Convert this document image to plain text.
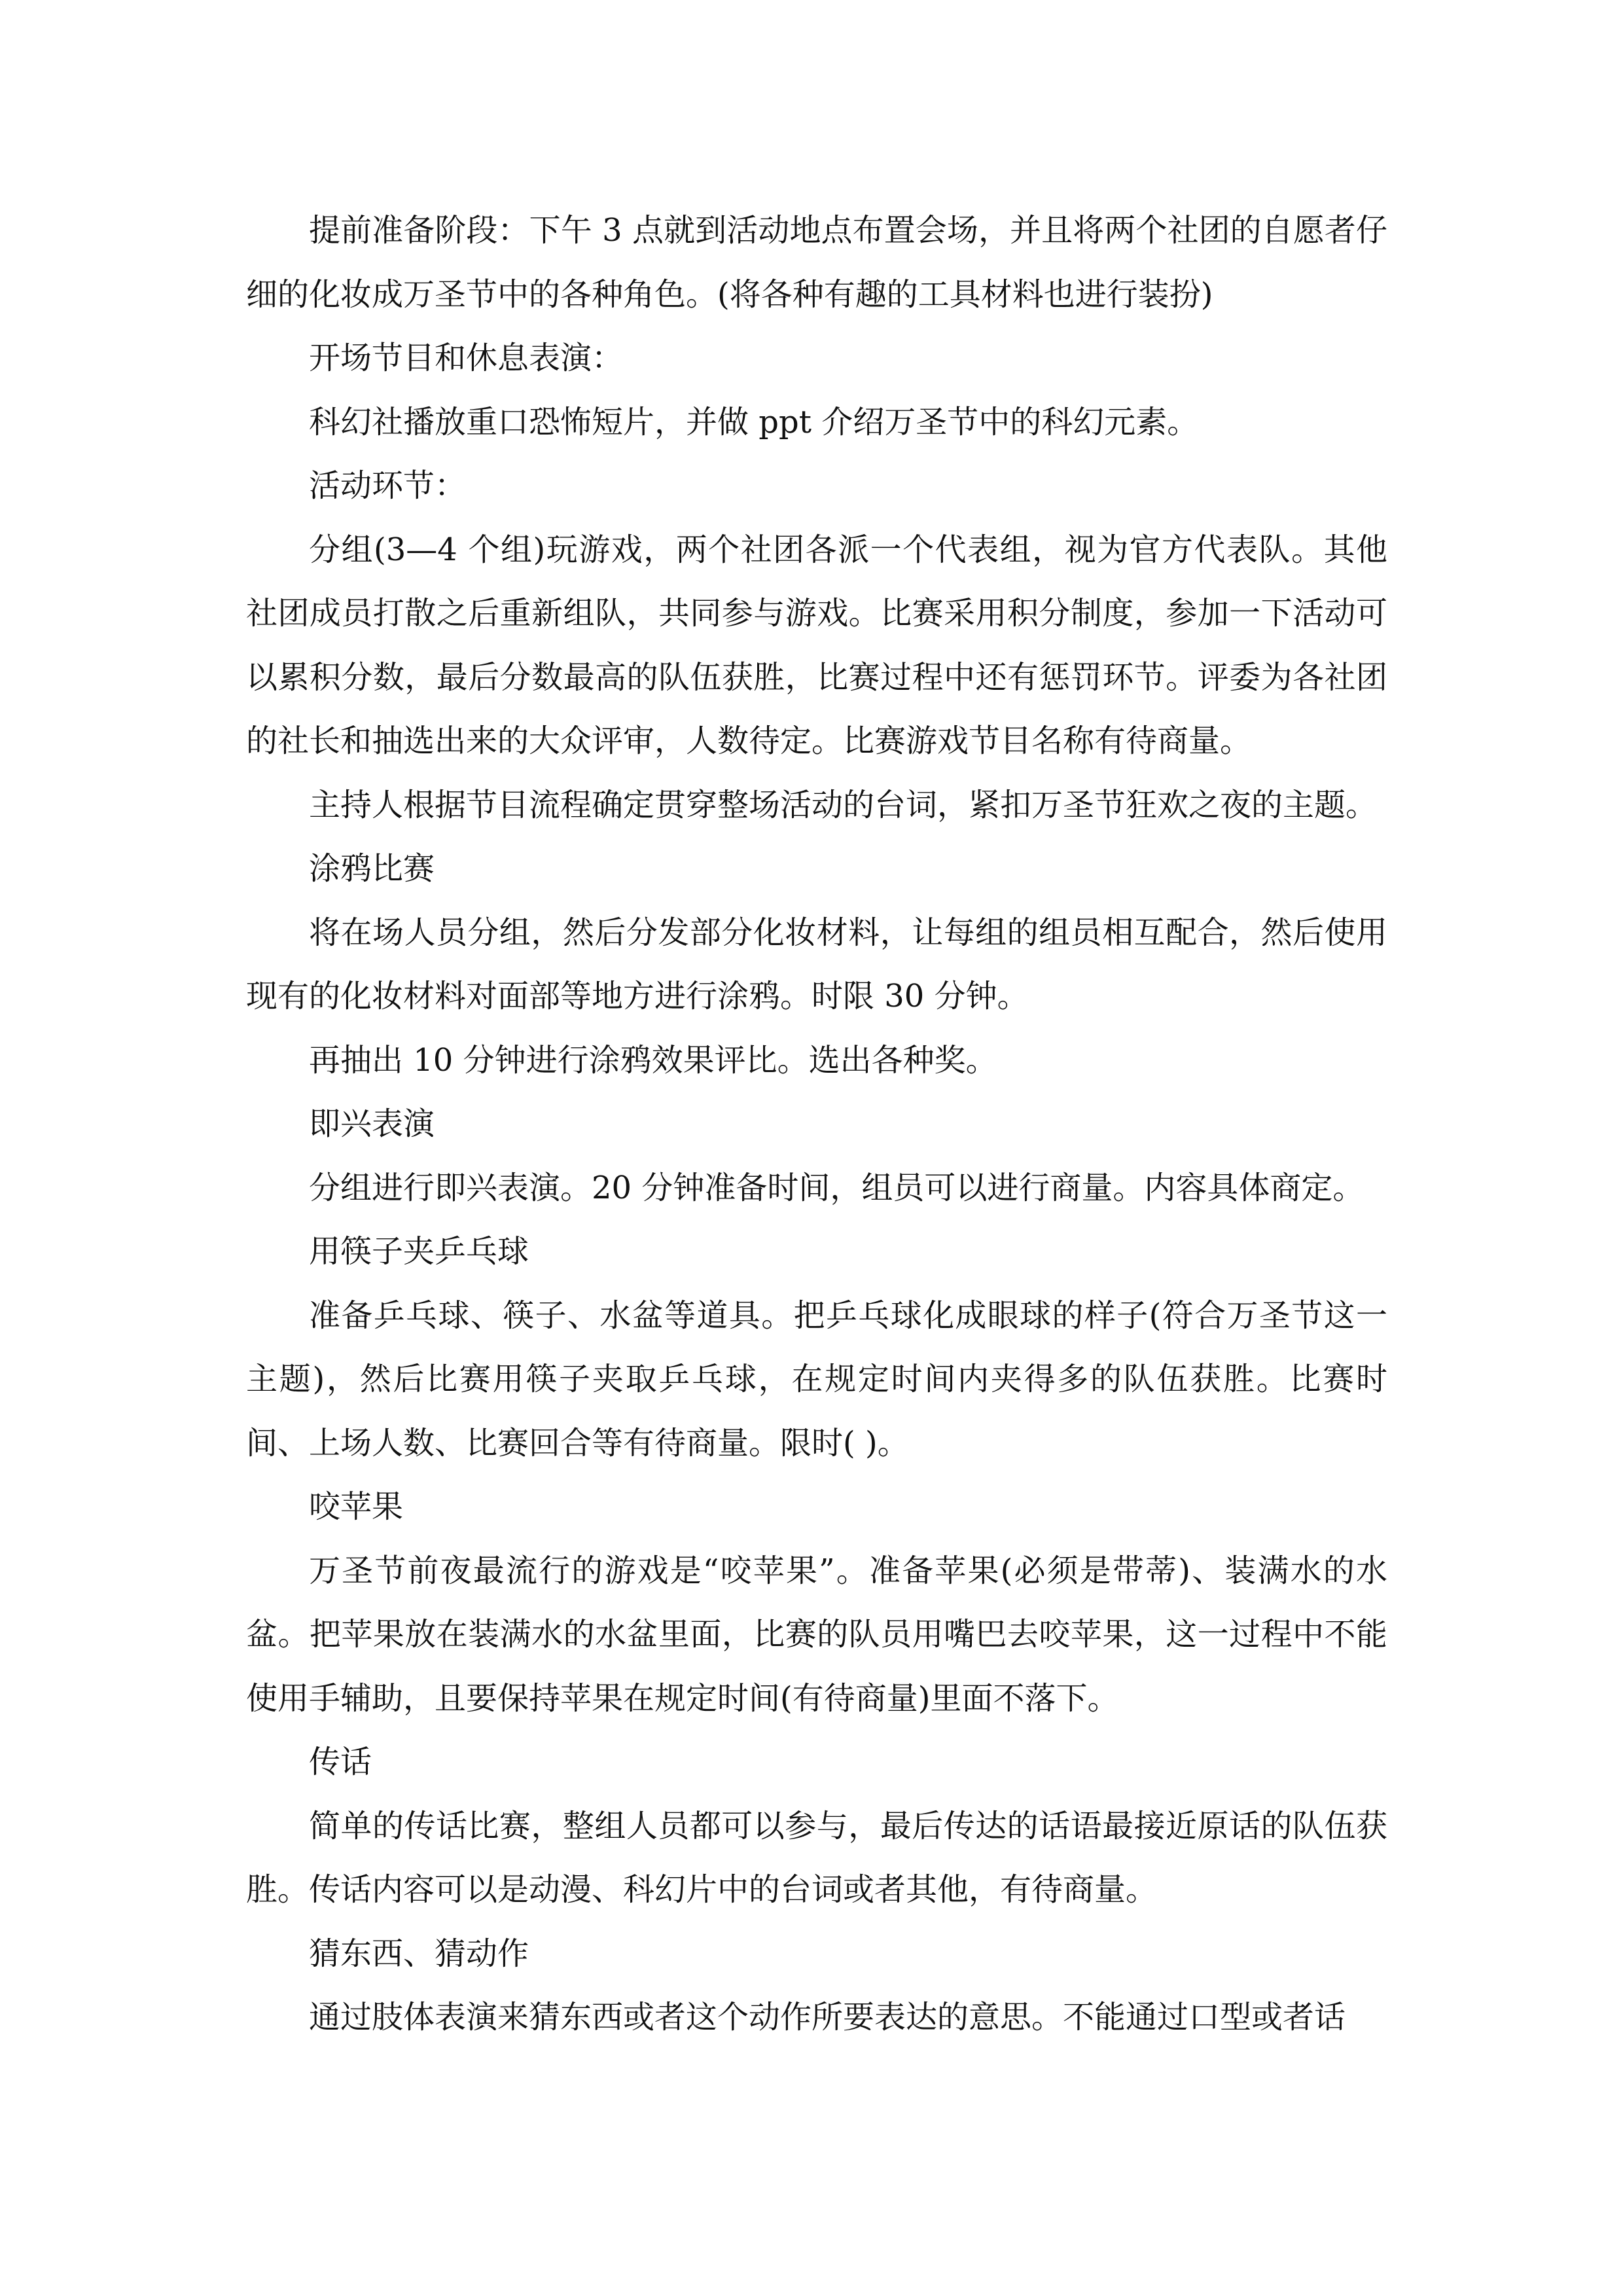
提前准备阶段：下午 3 点就到活动地点布置会场，并且将两个社团的自愿者仔细的化妆成万圣节中的各种角色。(将各种有趣的工具材料也进行装扮)

开场节目和休息表演：

科幻社播放重口恐怖短片，并做 ppt 介绍万圣节中的科幻元素。

活动环节：

分组(3—4 个组)玩游戏，两个社团各派一个代表组，视为官方代表队。其他社团成员打散之后重新组队，共同参与游戏。比赛采用积分制度，参加一下活动可以累积分数，最后分数最高的队伍获胜，比赛过程中还有惩罚环节。评委为各社团的社长和抽选出来的大众评审，人数待定。比赛游戏节目名称有待商量。

主持人根据节目流程确定贯穿整场活动的台词，紧扣万圣节狂欢之夜的主题。

涂鸦比赛

将在场人员分组，然后分发部分化妆材料，让每组的组员相互配合，然后使用现有的化妆材料对面部等地方进行涂鸦。时限 30 分钟。

再抽出 10 分钟进行涂鸦效果评比。选出各种奖。

即兴表演

分组进行即兴表演。20 分钟准备时间，组员可以进行商量。内容具体商定。

用筷子夹乒乓球

准备乒乓球、筷子、水盆等道具。把乒乓球化成眼球的样子(符合万圣节这一主题)，然后比赛用筷子夹取乒乓球，在规定时间内夹得多的队伍获胜。比赛时间、上场人数、比赛回合等有待商量。限时( )。

咬苹果

万圣节前夜最流行的游戏是“咬苹果”。准备苹果(必须是带蒂)、装满水的水盆。把苹果放在装满水的水盆里面，比赛的队员用嘴巴去咬苹果，这一过程中不能使用手辅助，且要保持苹果在规定时间(有待商量)里面不落下。

传话

简单的传话比赛，整组人员都可以参与，最后传达的话语最接近原话的队伍获胜。传话内容可以是动漫、科幻片中的台词或者其他，有待商量。

猜东西、猜动作

通过肢体表演来猜东西或者这个动作所要表达的意思。不能通过口型或者话
